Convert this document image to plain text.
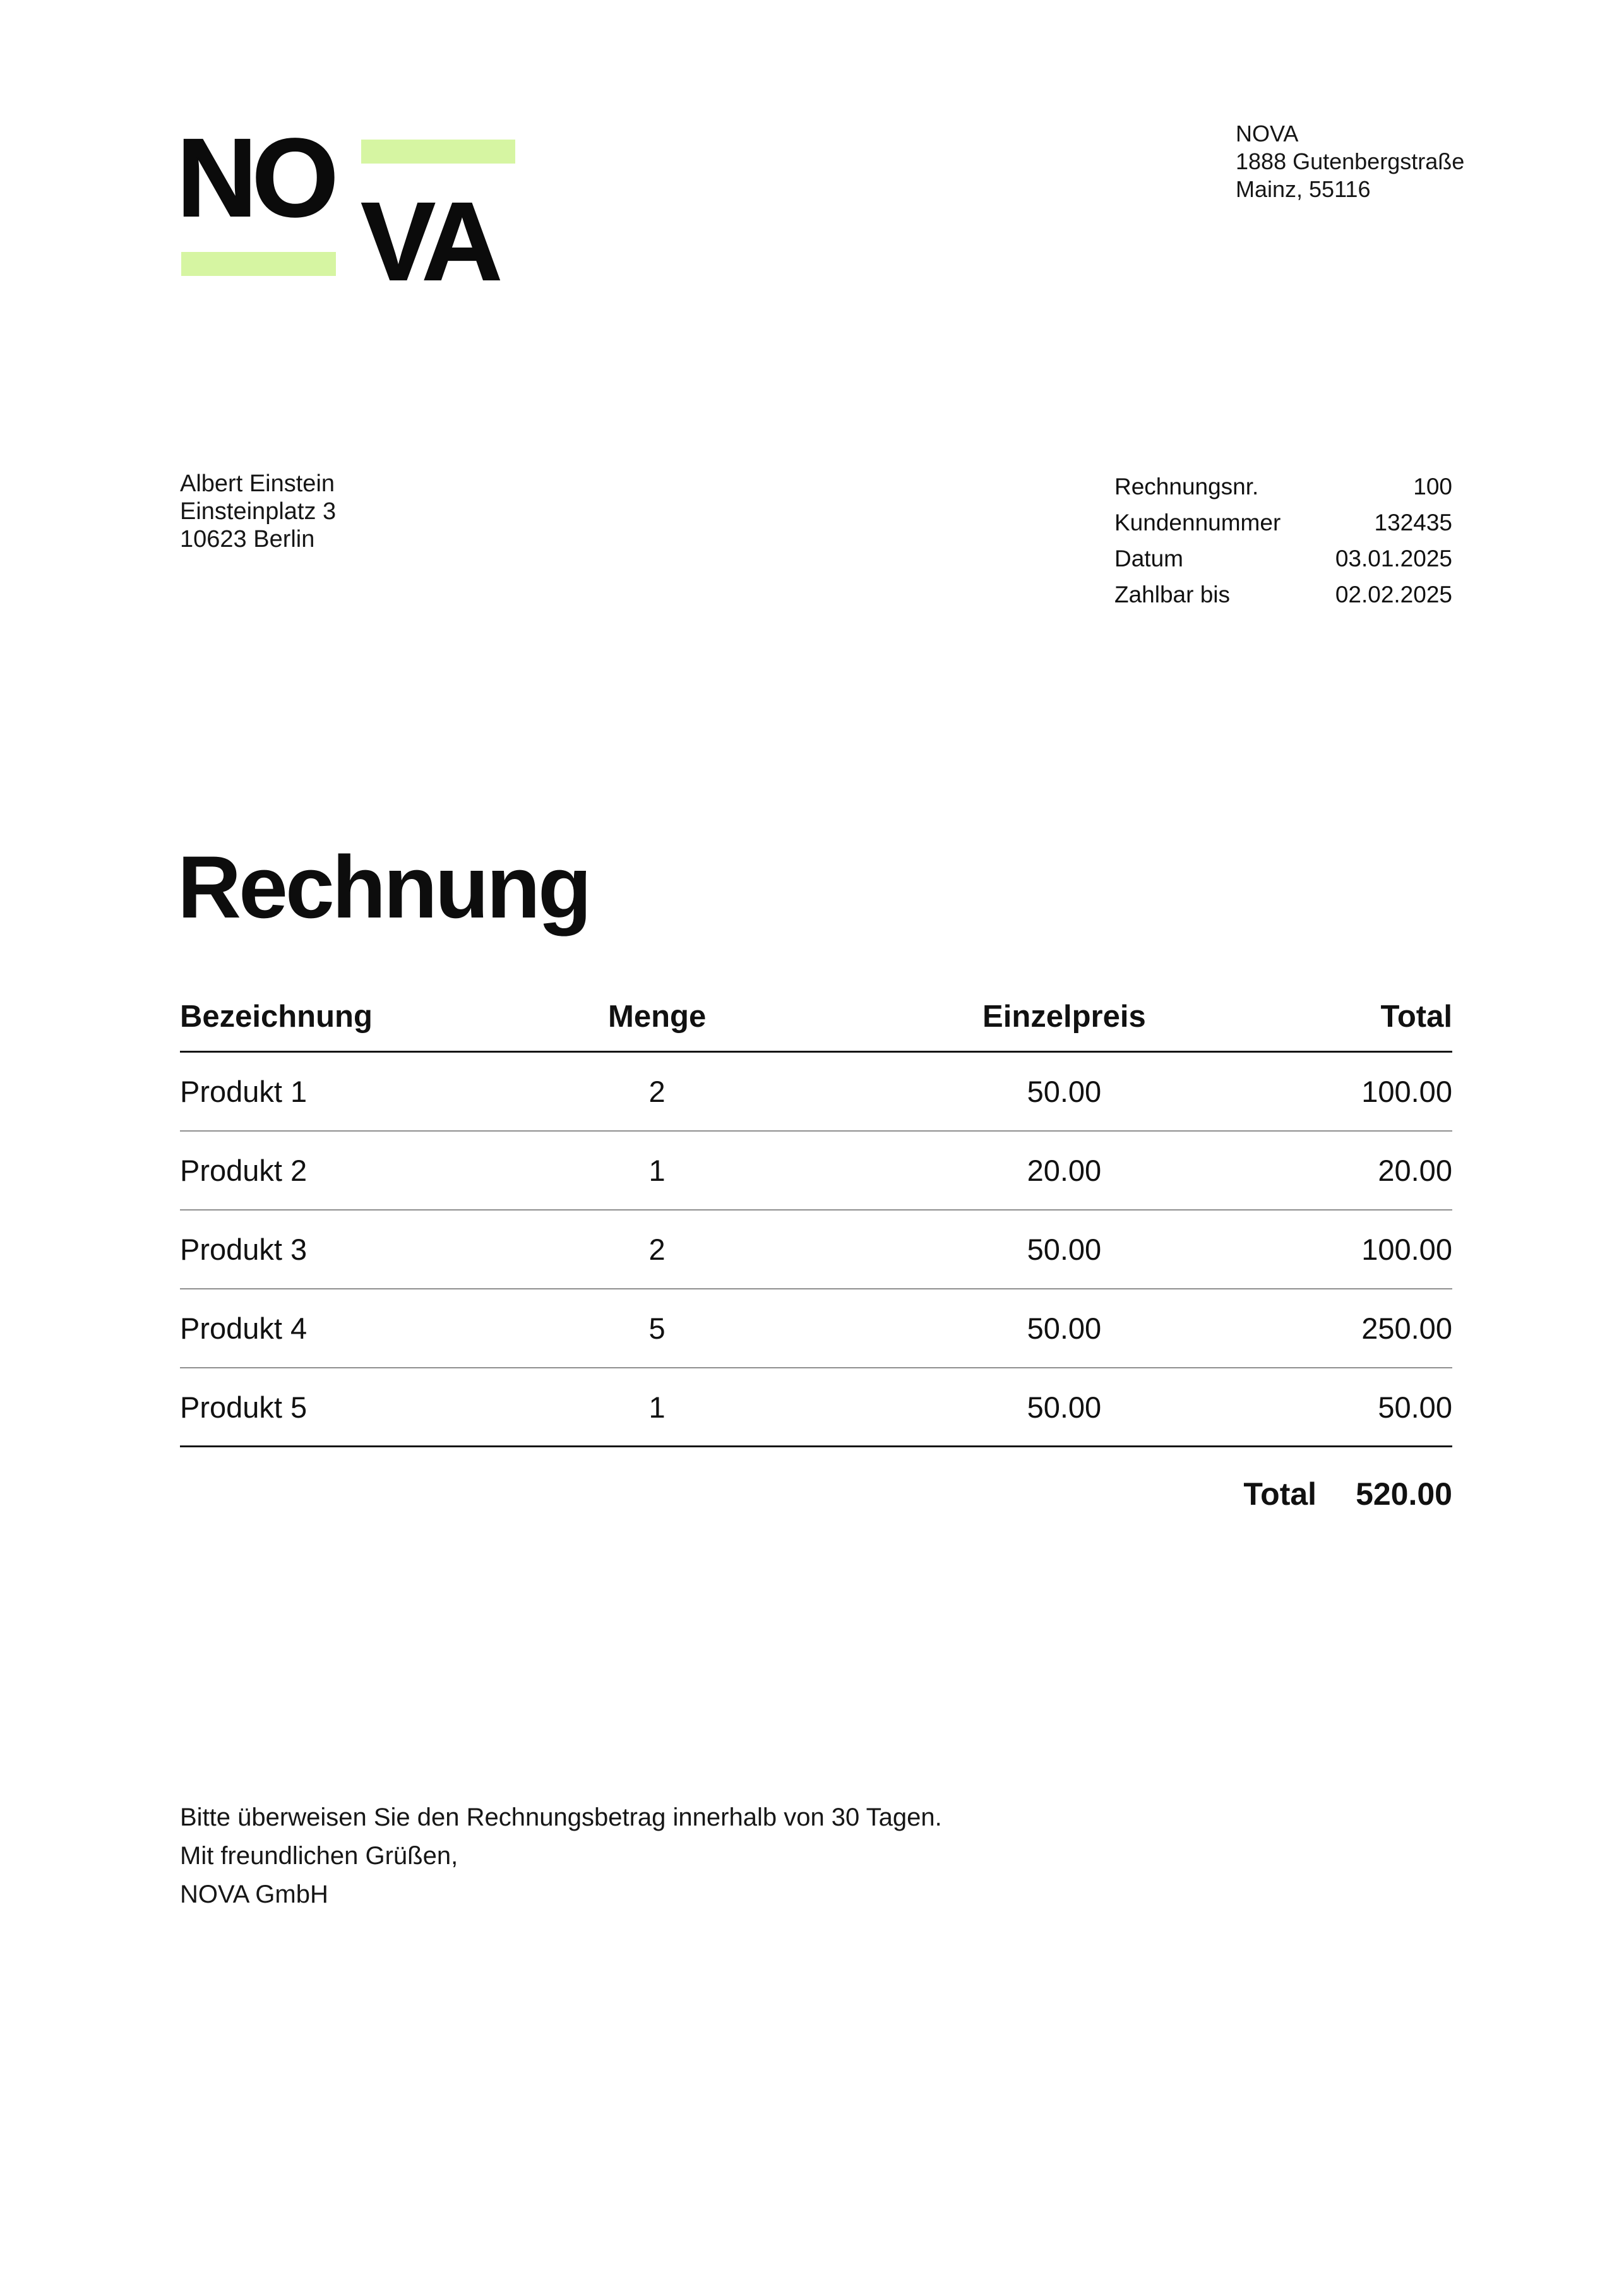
NO
VA
NOVA
1888 Gutenbergstraße
Mainz, 55116
Albert Einstein
Einsteinplatz 3
10623 Berlin
Rechnungsnr.	100
Kundennummer	132435
Datum	03.01.2025
Zahlbar bis	02.02.2025
Rechnung
Bezeichnung	Menge	Einzelpreis	Total
Produkt 1	2	50.00	100.00
Produkt 2	1	20.00	20.00
Produkt 3	2	50.00	100.00
Produkt 4	5	50.00	250.00
Produkt 5	1	50.00	50.00
Total 520.00
Bitte überweisen Sie den Rechnungsbetrag innerhalb von 30 Tagen.
Mit freundlichen Grüßen,
NOVA GmbH
